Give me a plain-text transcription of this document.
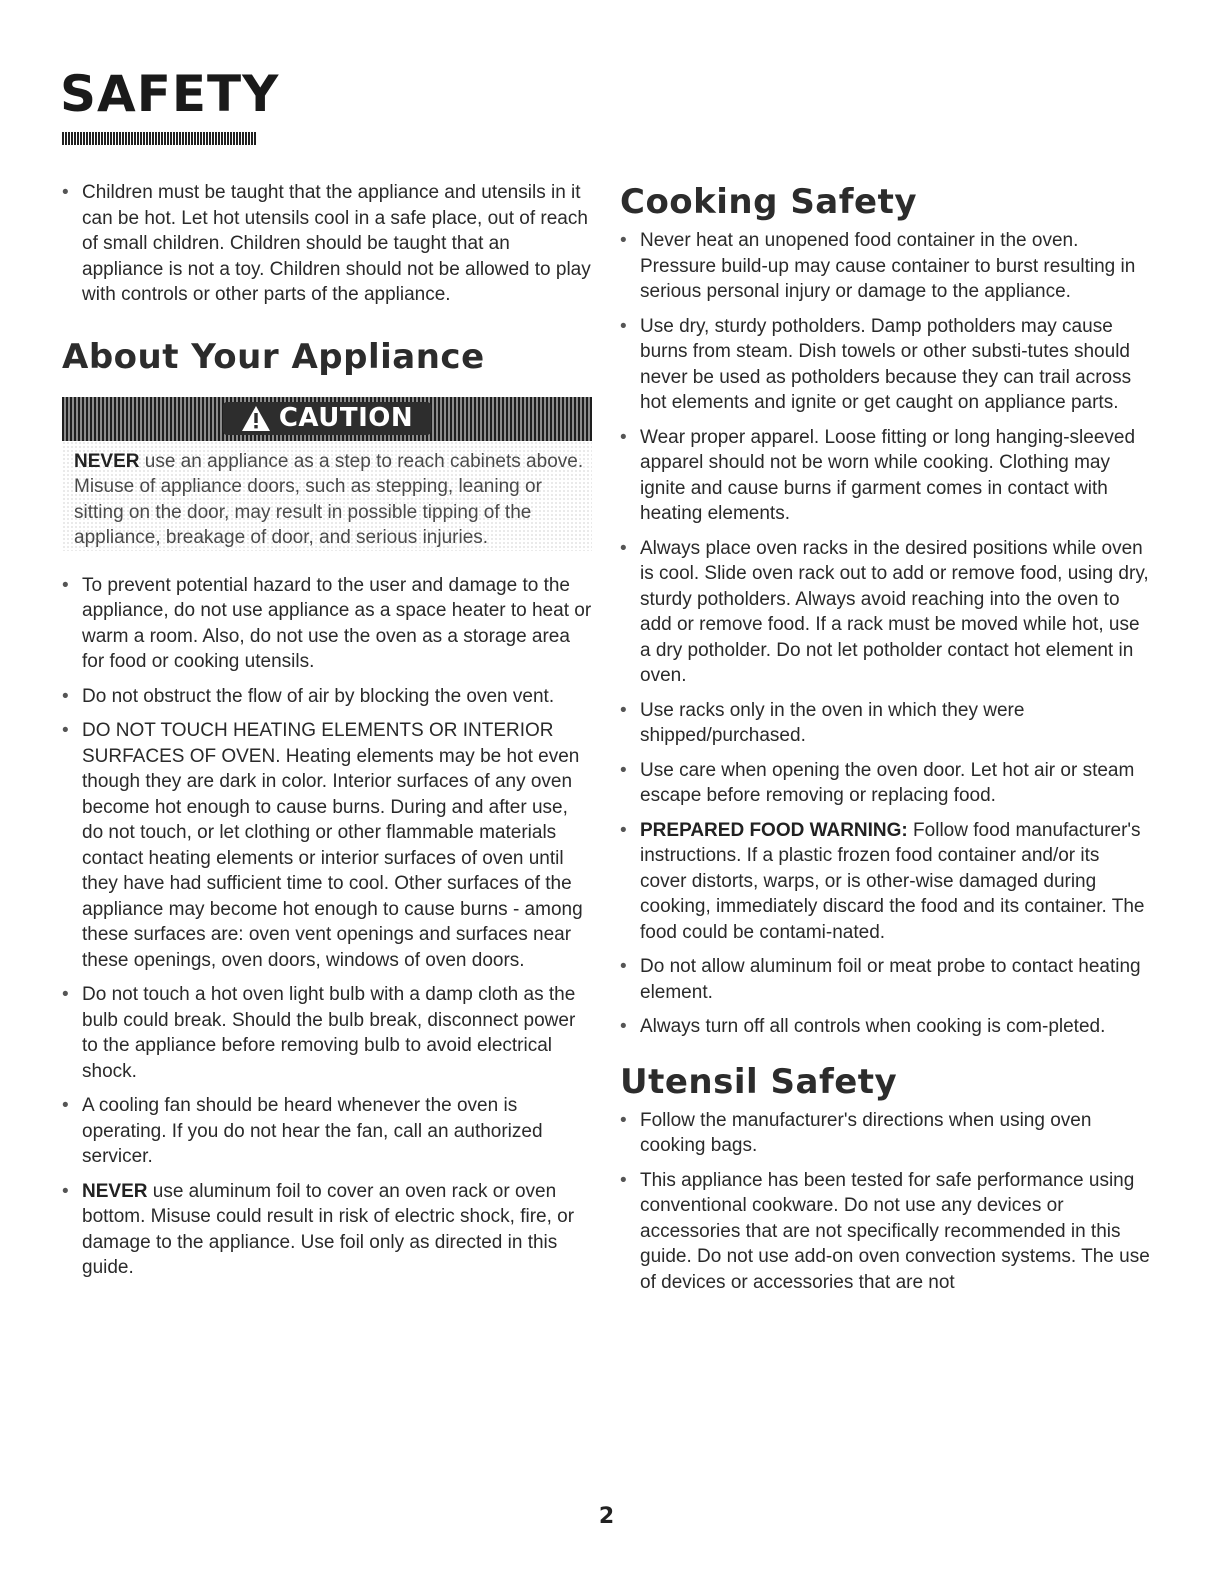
SAFETY

• Children must be taught that the appliance and utensils in it can be hot. Let hot utensils cool in a safe place, out of reach of small children. Children should be taught that an appliance is not a toy. Children should not be allowed to play with controls or other parts of the appliance.

About Your Appliance
CAUTION

NEVER use an appliance as a step to reach cabinets above. Misuse of appliance doors, such as stepping, leaning or sitting on the door, may result in possible tipping of the appliance, breakage of door, and serious injuries.

• To prevent potential hazard to the user and damage to the appliance, do not use appliance as a space heater to heat or warm a room. Also, do not use the oven as a storage area for food or cooking utensils.

• Do not obstruct the flow of air by blocking the oven vent.

• DO NOT TOUCH HEATING ELEMENTS OR INTERIOR SURFACES OF OVEN. Heating elements may be hot even though they are dark in color. Interior surfaces of any oven become hot enough to cause burns. During and after use, do not touch, or let clothing or other flammable materials contact heating elements or interior surfaces of oven until they have had sufficient time to cool. Other surfaces of the appliance may become hot enough to cause burns - among these surfaces are: oven vent openings and surfaces near these openings, oven doors, windows of oven doors.

• Do not touch a hot oven light bulb with a damp cloth as the bulb could break. Should the bulb break, disconnect power to the appliance before removing bulb to avoid electrical shock.

• A cooling fan should be heard whenever the oven is operating. If you do not hear the fan, call an authorized servicer.

• NEVER use aluminum foil to cover an oven rack or oven bottom. Misuse could result in risk of electric shock, fire, or damage to the appliance. Use foil only as directed in this guide.

Cooking Safety

• Never heat an unopened food container in the oven. Pressure build-up may cause container to burst resulting in serious personal injury or damage to the appliance.

• Use dry, sturdy potholders. Damp potholders may cause burns from steam. Dish towels or other substi-tutes should never be used as potholders because they can trail across hot elements and ignite or get caught on appliance parts.

• Wear proper apparel. Loose fitting or long hanging-sleeved apparel should not be worn while cooking. Clothing may ignite and cause burns if garment comes in contact with heating elements.

• Always place oven racks in the desired positions while oven is cool. Slide oven rack out to add or remove food, using dry, sturdy potholders. Always avoid reaching into the oven to add or remove food. If a rack must be moved while hot, use a dry potholder. Do not let potholder contact hot element in oven.

• Use racks only in the oven in which they were shipped/purchased.

• Use care when opening the oven door. Let hot air or steam escape before removing or replacing food.

• PREPARED FOOD WARNING: Follow food manufacturer's instructions. If a plastic frozen food container and/or its cover distorts, warps, or is other-wise damaged during cooking, immediately discard the food and its container. The food could be contami-nated.

• Do not allow aluminum foil or meat probe to contact heating element.

• Always turn off all controls when cooking is com-pleted.

Utensil Safety

• Follow the manufacturer's directions when using oven cooking bags.

• This appliance has been tested for safe performance using conventional cookware. Do not use any devices or accessories that are not specifically recommended in this guide. Do not use add-on oven convection systems. The use of devices or accessories that are not

2
